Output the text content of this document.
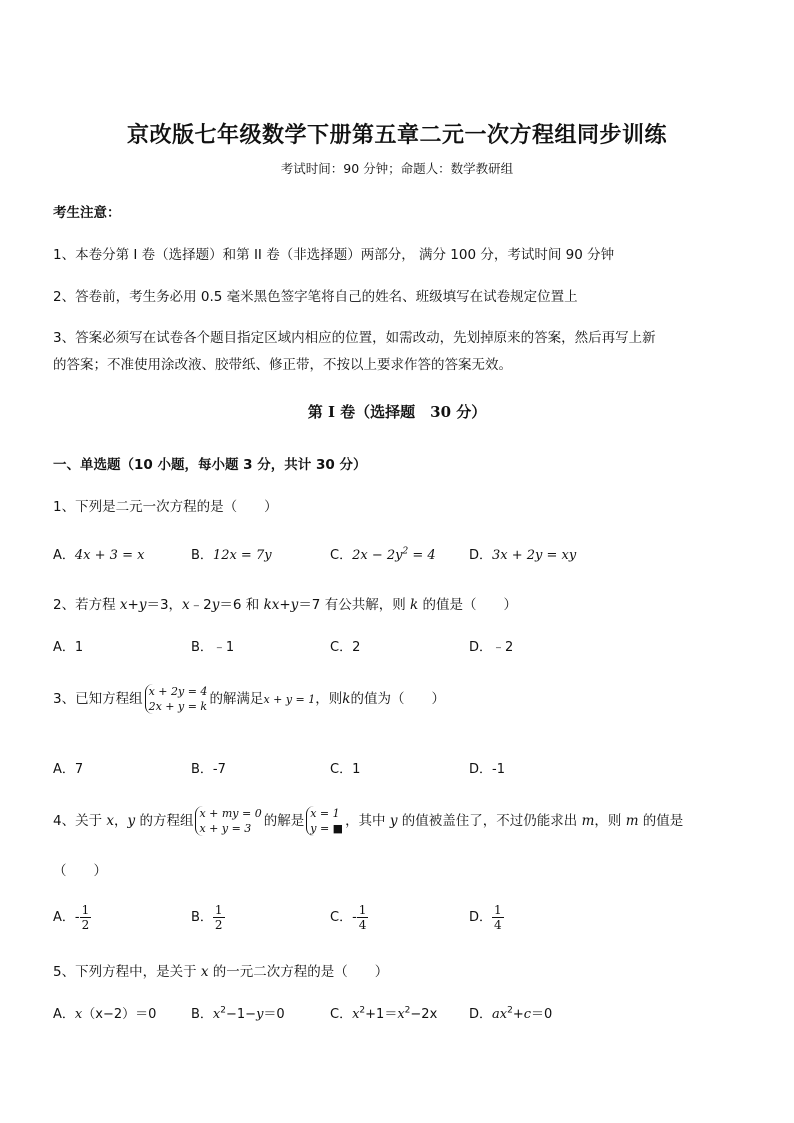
京改版七年级数学下册第五章二元一次方程组同步训练
考试时间：90 分钟；命题人：数学教研组
考生注意：
1、本卷分第 I 卷（选择题）和第 II 卷（非选择题）两部分， 满分 100 分，考试时间 90 分钟
2、答卷前，考生务必用 0.5 毫米黑色签字笔将自己的姓名、班级填写在试卷规定位置上
3、答案必须写在试卷各个题目指定区域内相应的位置，如需改动，先划掉原来的答案，然后再写上新
的答案；不准使用涂改液、胶带纸、修正带，不按以上要求作答的答案无效。
第 I 卷（选择题　30 分）
一、单选题（10 小题，每小题 3 分，共计 30 分）
1、下列是二元一次方程的是（　　）
A．4x + 3 = x	B．12x = 7y	C．$2x - 2y^2 = 4$	D．3x + 2y = xy
2、若方程 x+y＝3，x﹣2y＝6 和 kx+y＝7 有公共解，则 k 的值是（　　）
A．1	B．﹣1	C．2	D．﹣2
3、已知方程组 x + 2y = 4
2x + y = k 的解满足x + y = 1，则k的值为（　　）
A．7	B．-7	C．1	D．-1
4、关于 x，y 的方程组 x + my = 0
x + y = 3 的解是 x = 1
y = ■ ，其中 y 的值被盖住了，不过仍能求出 m，则 m 的值是
（　　）
A．- $\frac{1}{2}$	B． $\frac{1}{2}$	C．- $\frac{1}{4}$	D． $\frac{1}{4}$
5、下列方程中，是关于 x 的一元二次方程的是（　　）
A．x（x−2）＝0	B．$x^2-1-y=0$	C．$x^2+1=x^2-2x$ D．$ax^2+c=0$
